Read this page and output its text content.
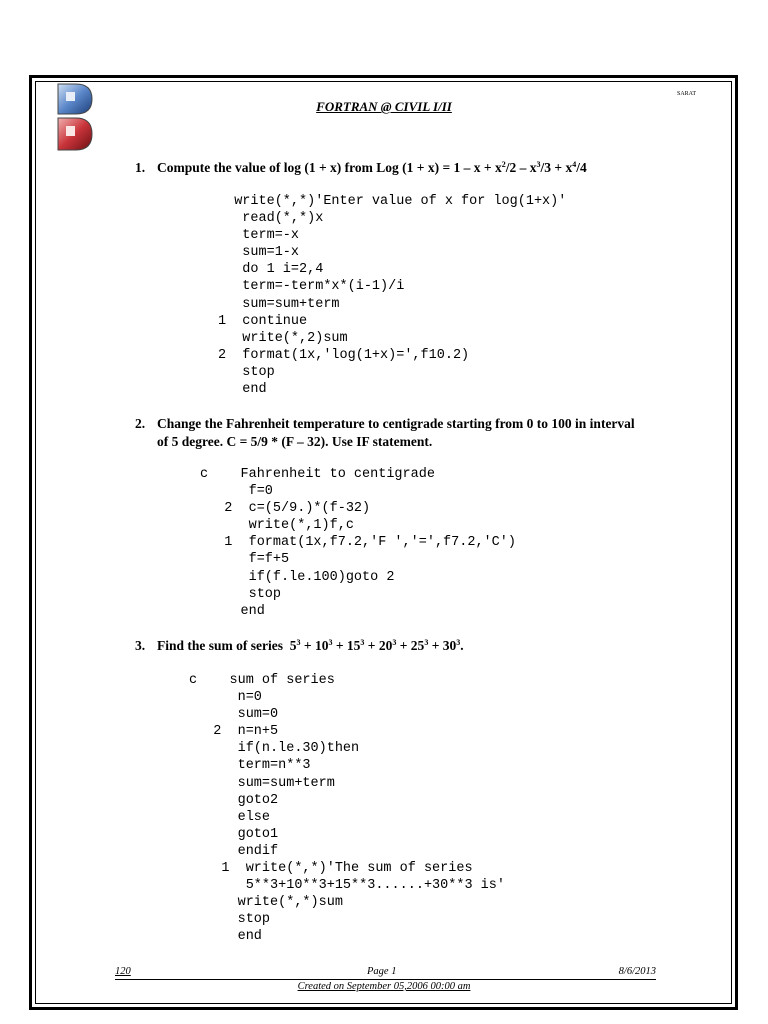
SARAT
FORTRAN @ CIVIL I/II
1. Compute the value of log (1 + x) from Log $(1 + x) = 1 - x + x^2/2 - x^3/3 + x^4/4$
write(*,*)'Enter value of x for log(1+x)'
read(*,*)x
term=-x
sum=1-x
do 1 i=2,4
term=-term*x*(i-1)/i
sum=sum+term
1  continue
write(*,2)sum
2  format(1x,'log(1+x)=',f10.2)
stop
end
2. Change the Fahrenheit temperature to centigrade starting from 0 to 100 in interval
of 5 degree. C = 5/9 * (F – 32). Use IF statement.
c    Fahrenheit to centigrade
f=0
2  c=(5/9.)*(f-32)
write(*,1)f,c
1  format(1x,f7.2,'F ','=',f7.2,'C')
f=f+5
if(f.le.100)goto 2
stop
end
3. Find the sum of series  $5^3 + 10^3 + 15^3 + 20^3 + 25^3 + 30^3$.
c    sum of series
n=0
sum=0
2  n=n+5
if(n.le.30)then
term=n**3
sum=sum+term
goto2
else
goto1
endif
1  write(*,*)'The sum of series
5**3+10**3+15**3......+30**3 is'
write(*,*)sum
stop
end
120	Page 1	8/6/2013
Created on September 05,2006 00:00 am
